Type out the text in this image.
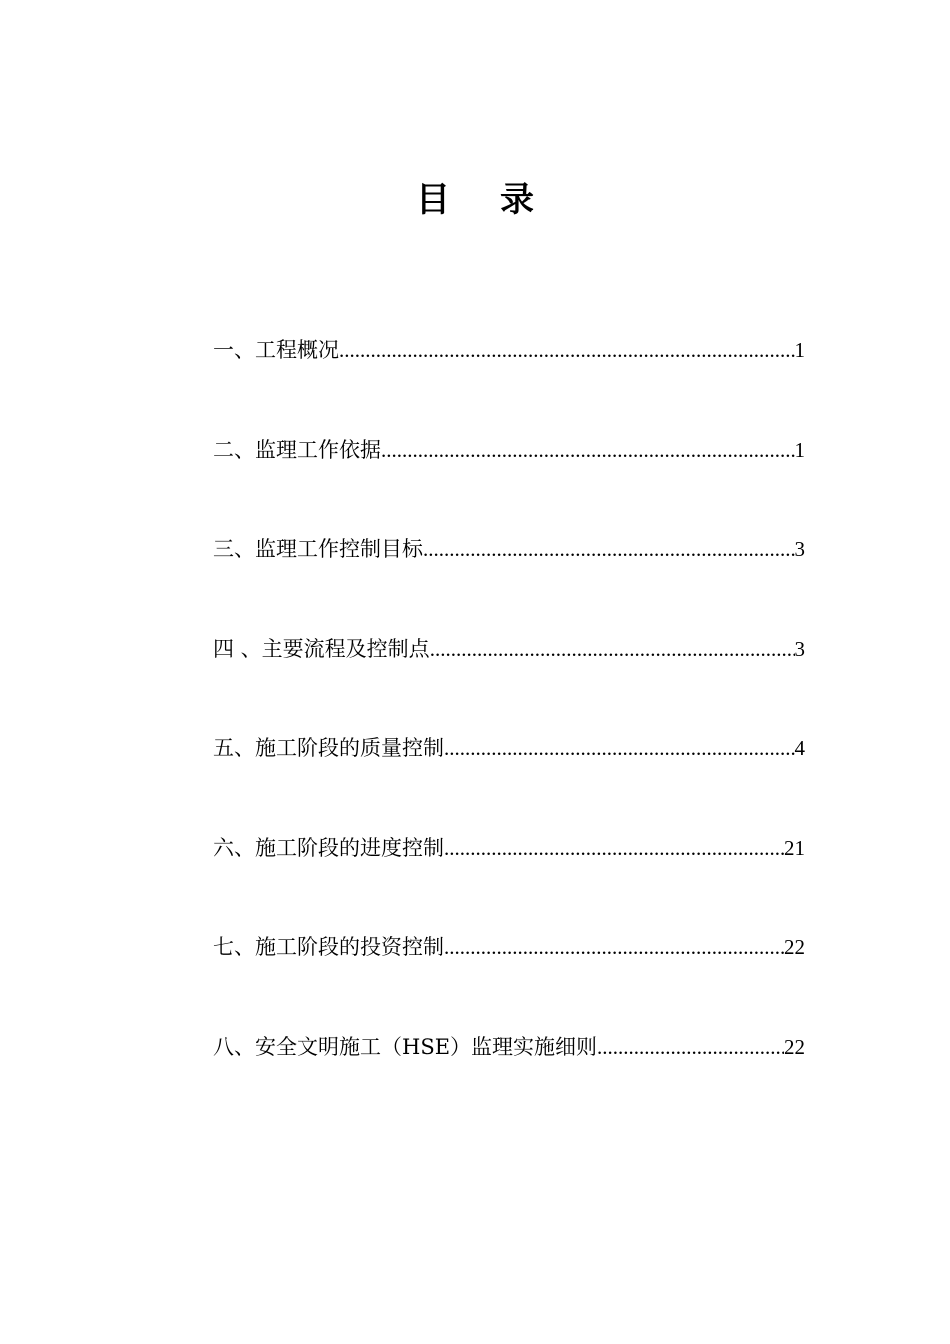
目 录
一、工程概况 .....	1
二、监理工作依据 .....	1
三、监理工作控制目标 .....	3
四 、主要流程及控制点 .....	3
五、施工阶段的质量控制 .....	4
六、施工阶段的进度控制 .....	21
七、施工阶段的投资控制 .....	22
八、安全文明施工（HSE）监理实施细则 .....	22
